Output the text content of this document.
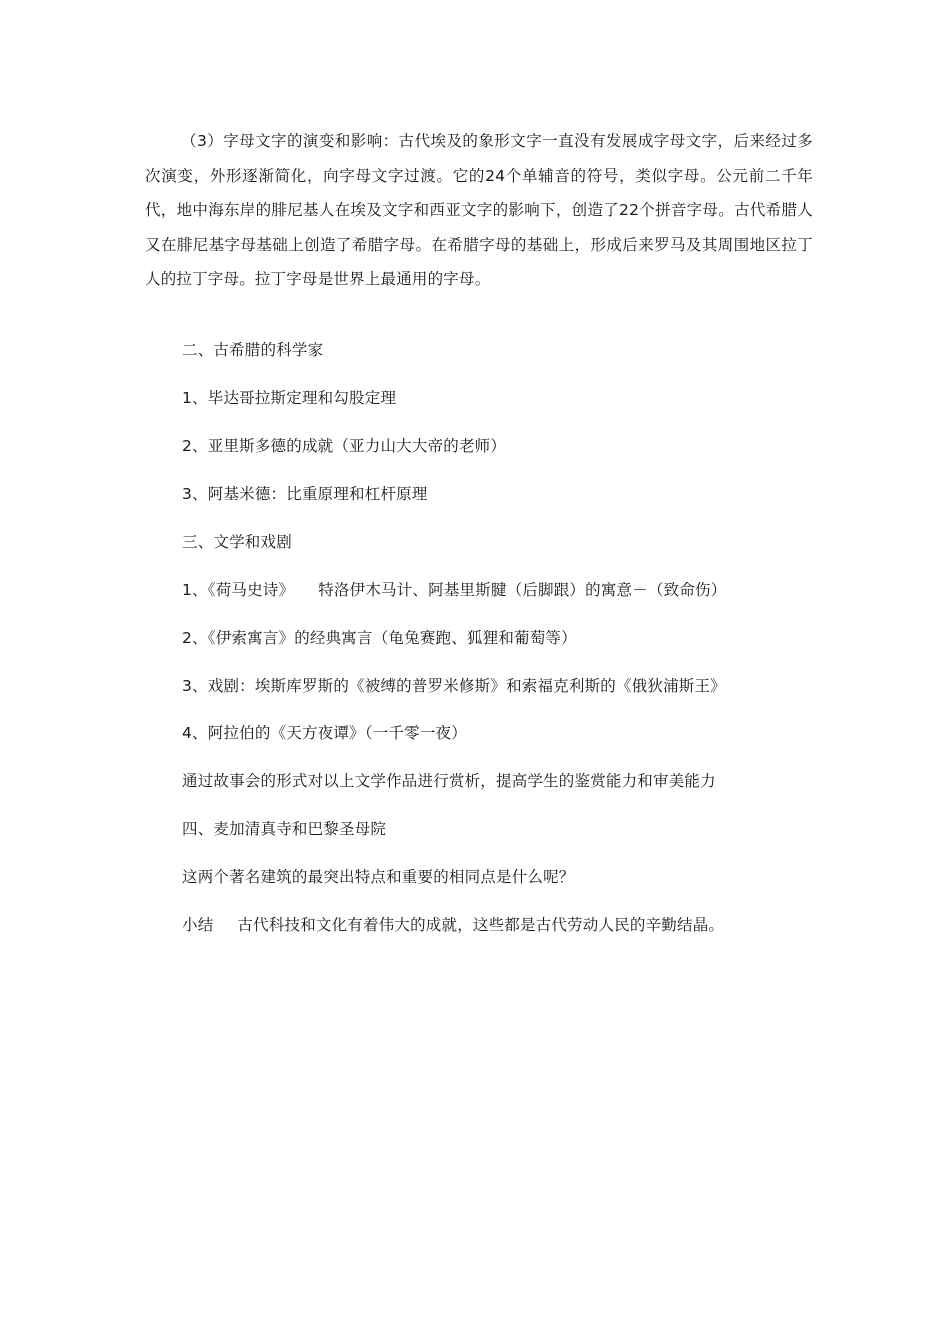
（3）字母文字的演变和影响：古代埃及的象形文字一直没有发展成字母文字，后来经过多次演变，外形逐渐简化，向字母文字过渡。它的24个单辅音的符号，类似字母。公元前二千年代，地中海东岸的腓尼基人在埃及文字和西亚文字的影响下，创造了22个拼音字母。古代希腊人又在腓尼基字母基础上创造了希腊字母。在希腊字母的基础上，形成后来罗马及其周围地区拉丁人的拉丁字母。拉丁字母是世界上最通用的字母。

二、古希腊的科学家

1、毕达哥拉斯定理和勾股定理

2、亚里斯多德的成就（亚力山大大帝的老师）

3、阿基米德：比重原理和杠杆原理

三、文学和戏剧

1、《荷马史诗》 特洛伊木马计、阿基里斯腱（后脚跟）的寓意－（致命伤）

2、《伊索寓言》的经典寓言（龟兔赛跑、狐狸和葡萄等）

3、戏剧：埃斯库罗斯的《被缚的普罗米修斯》和索福克利斯的《俄狄浦斯王》

4、阿拉伯的《天方夜谭》（一千零一夜）

通过故事会的形式对以上文学作品进行赏析，提高学生的鉴赏能力和审美能力

四、麦加清真寺和巴黎圣母院

这两个著名建筑的最突出特点和重要的相同点是什么呢？

小结 古代科技和文化有着伟大的成就，这些都是古代劳动人民的辛勤结晶。
